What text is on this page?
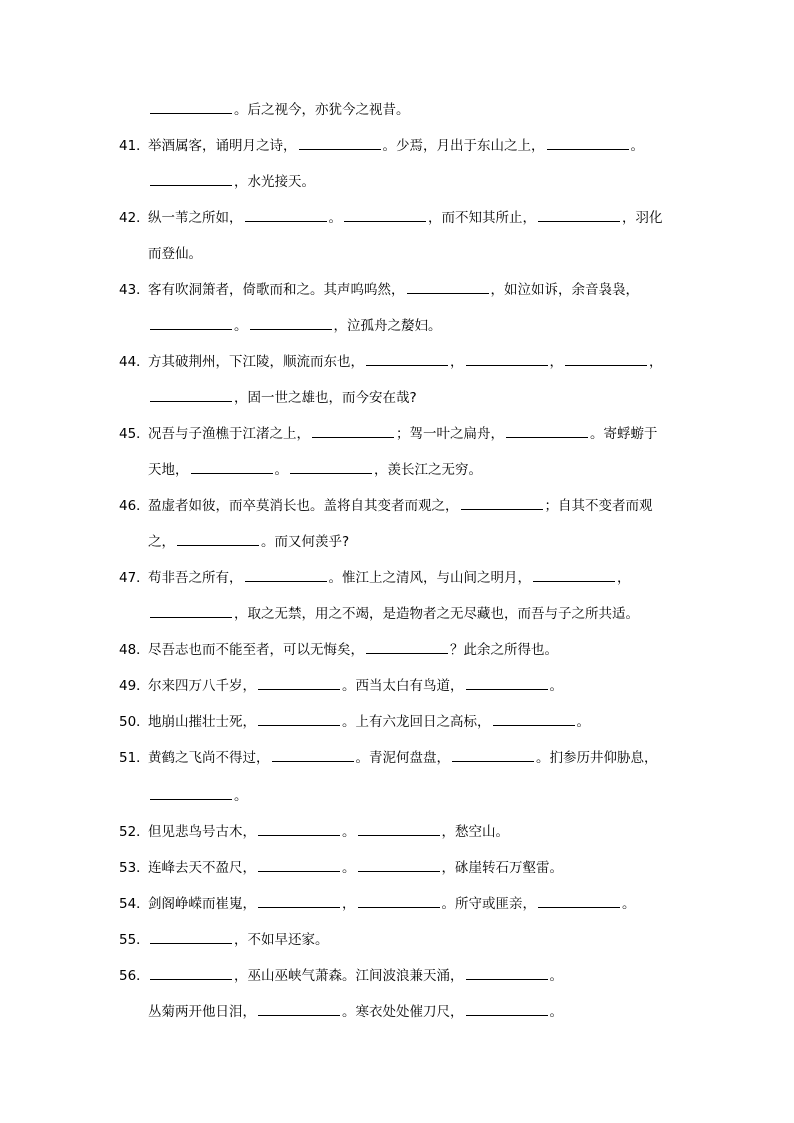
。后之视今，亦犹今之视昔。
41．举酒属客，诵明月之诗，	。少焉，月出于东山之上，	。
，水光接天。
42．纵一苇之所如，	。	，而不知其所止，	，羽化
而登仙。
43．客有吹洞箫者，倚歌而和之。其声呜呜然，	，如泣如诉，余音袅袅，
。	，泣孤舟之嫠妇。
44．方其破荆州，下江陵，顺流而东也，	，	，	，
，固一世之雄也，而今安在哉?
45．况吾与子渔樵于江渚之上，	；驾一叶之扁舟，	。寄蜉蝣于
天地，	。	，羡长江之无穷。
46．盈虚者如彼，而卒莫消长也。盖将自其变者而观之，	；自其不变者而观
之，	。而又何羡乎?
47．苟非吾之所有，	。惟江上之清风，与山间之明月，	，
，取之无禁，用之不竭，是造物者之无尽藏也，而吾与子之所共适。
48．尽吾志也而不能至者，可以无悔矣，	？此余之所得也。
49．尔来四万八千岁，	。西当太白有鸟道，	。
50．地崩山摧壮士死，	。上有六龙回日之高标，	。
51．黄鹤之飞尚不得过，	。青泥何盘盘，	。扪参历井仰胁息，
。
52．但见悲鸟号古木，	。	，愁空山。
53．连峰去天不盈尺，	。	，砯崖转石万壑雷。
54．剑阁峥嵘而崔嵬，	，	。所守或匪亲，	。
55．	，不如早还家。
56．	，巫山巫峡气萧森。江间波浪兼天涌，	。
丛菊两开他日泪，	。寒衣处处催刀尺，	。
